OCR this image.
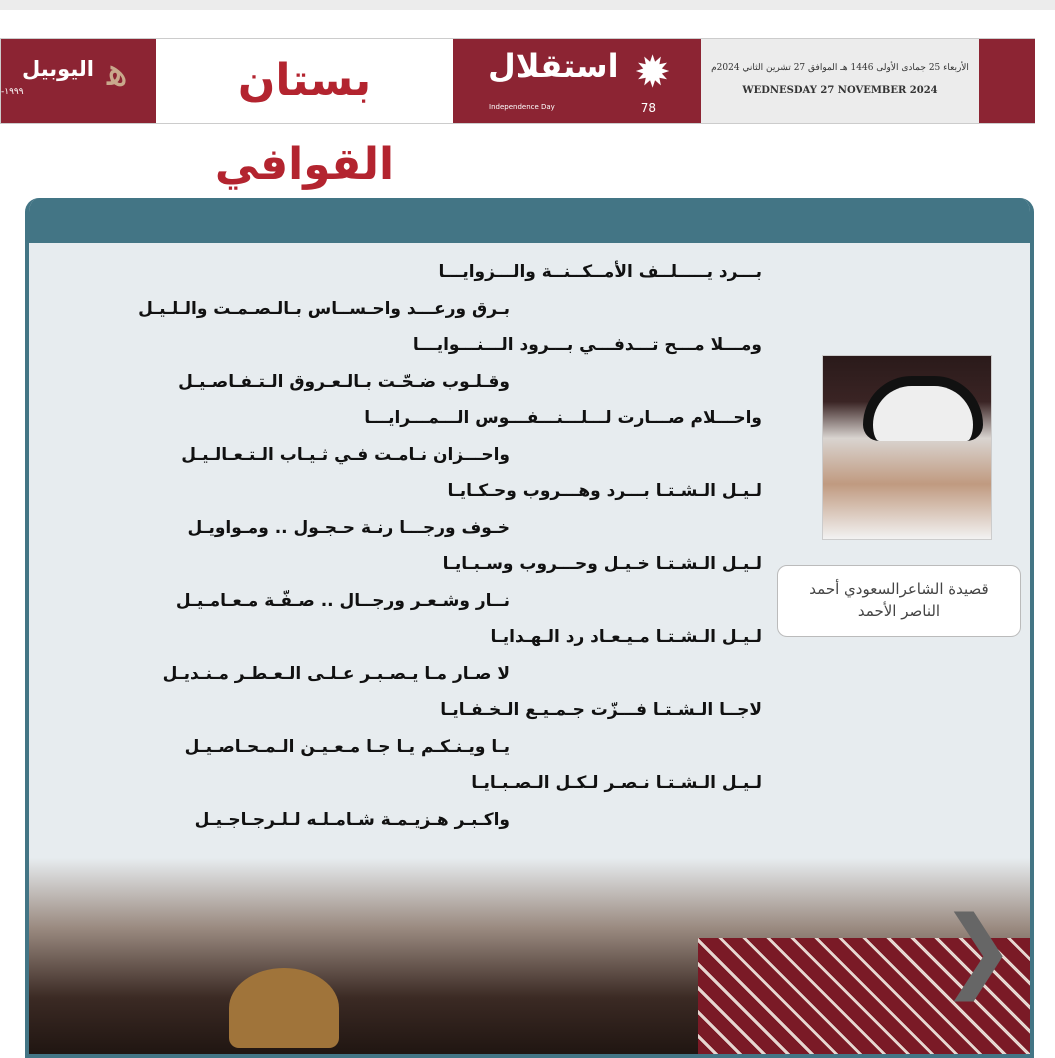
ﻫ
اليوبيل
-١٩٩٩	بستان القوافي
✹
استقلال
Independence Day	78
الأربعاء 25 جمادى الأولى 1446 هـ الموافق 27 تشرين الثاني 2024م
WEDNESDAY 27 NOVEMBER 2024
بـــرد يـــــلــف الأمــكــنــة والـــزوايـــا
بـرق ورعـــد واحـســاس بـالـصـمـت والـلـيـل
ومـــلا مـــح تـــدفـــي بـــرود الـــنـــوايـــا
وقـلـوب ضـحّـت بـالـعـروق الـتـفـاصـيـل
واحـــلام صـــارت لـــلـــنـــفـــوس الـــمـــرايـــا
واحـــزان نـامـت فـي ثـيـاب الـتـعـالـيـل
لـيـل الـشـتـا بـــرد وهـــروب وحـكـايـا
خـوف ورجـــا رنـة حـجـول .. ومـواويـل
لـيـل الـشـتـا خـيـل وحـــروب وسـبـايـا
نــار وشـعـر ورجــال .. صـفّـة مـعـامـيـل
لـيـل الـشـتـا مـيـعـاد رد الـهـدايـا
لا صـار مـا يـصـبـر عـلـى الـعـطـر مـنـديـل
لاجــا الـشـتـا فـــزّت جـمـيـع الـخـفـايـا
يـا ويـنـكـم يـا جـا مـعـيـن الـمـحـاصـيـل
لـيـل الـشـتـا نـصـر لـكـل الـصـبـايـا
واكـبـر هـزيـمـة شـامـلـه لـلـرجـاجـيـل
قصيدة الشاعرالسعودي أحمد
الناصر الأحمد
❯
